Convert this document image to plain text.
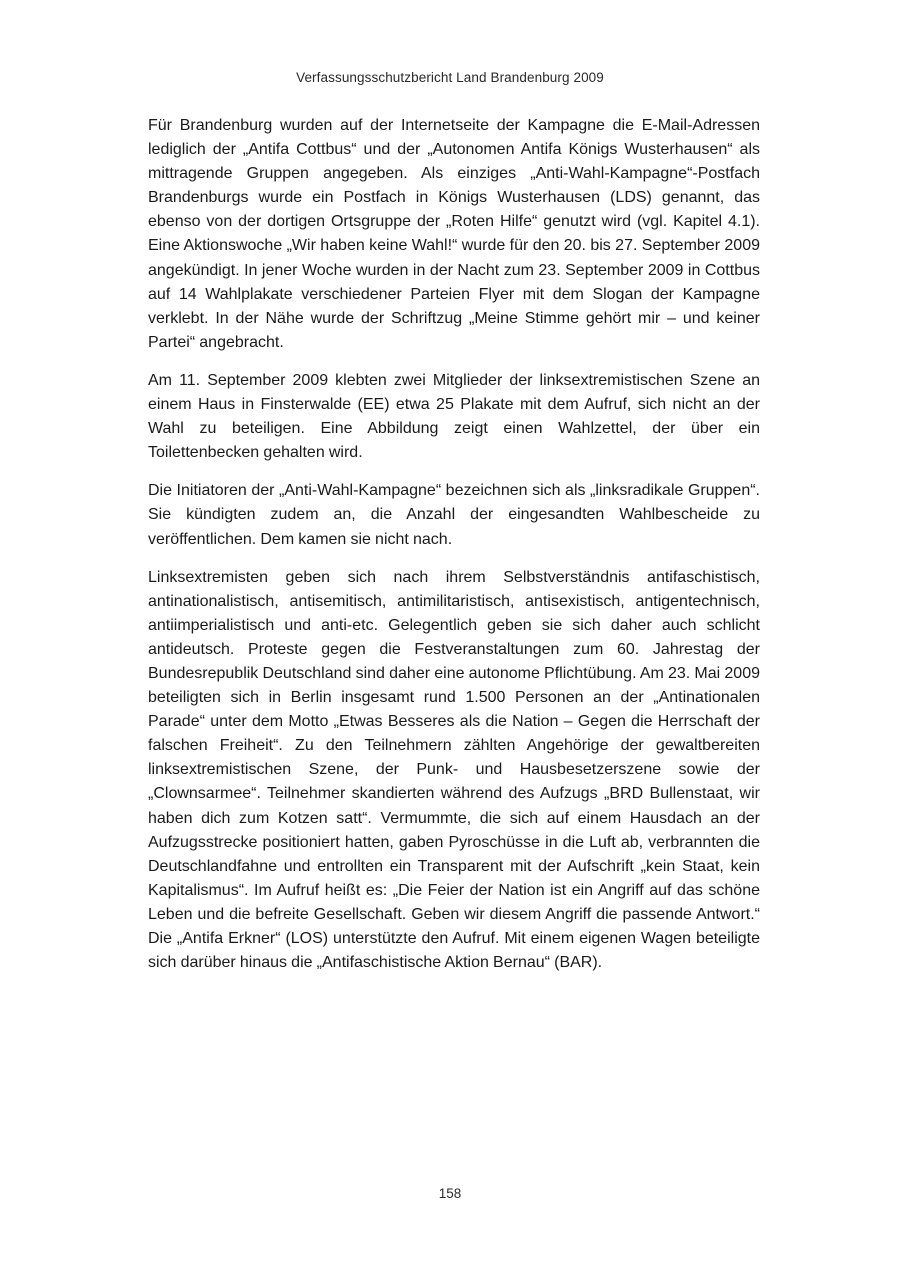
Verfassungsschutzbericht Land Brandenburg 2009

Für Brandenburg wurden auf der Internetseite der Kampagne die E-Mail-Adressen lediglich der „Antifa Cottbus“ und der „Autonomen Antifa Königs Wusterhausen“ als mittragende Gruppen angegeben. Als einziges „Anti-Wahl-Kampagne“-Postfach Brandenburgs wurde ein Postfach in Königs Wusterhausen (LDS) genannt, das ebenso von der dortigen Ortsgruppe der „Roten Hilfe“ genutzt wird (vgl. Kapitel 4.1). Eine Aktionswoche „Wir haben keine Wahl!“ wurde für den 20. bis 27. September 2009 angekündigt. In jener Woche wurden in der Nacht zum 23. September 2009 in Cottbus auf 14 Wahlplakate verschiedener Parteien Flyer mit dem Slogan der Kampagne verklebt. In der Nähe wurde der Schriftzug „Meine Stimme gehört mir – und keiner Partei“ angebracht.

Am 11. September 2009 klebten zwei Mitglieder der linksextremistischen Szene an einem Haus in Finsterwalde (EE) etwa 25 Plakate mit dem Aufruf, sich nicht an der Wahl zu beteiligen. Eine Abbildung zeigt einen Wahlzettel, der über ein Toilettenbecken gehalten wird.

Die Initiatoren der „Anti-Wahl-Kampagne“ bezeichnen sich als „linksradikale Gruppen“. Sie kündigten zudem an, die Anzahl der eingesandten Wahlbescheide zu veröffentlichen. Dem kamen sie nicht nach.

Linksextremisten geben sich nach ihrem Selbstverständnis antifaschistisch, antinationalistisch, antisemitisch, antimilitaristisch, antisexistisch, antigentechnisch, antiimperialistisch und anti-etc. Gelegentlich geben sie sich daher auch schlicht antideutsch. Proteste gegen die Festveranstaltungen zum 60. Jahrestag der Bundesrepublik Deutschland sind daher eine autonome Pflichtübung. Am 23. Mai 2009 beteiligten sich in Berlin insgesamt rund 1.500 Personen an der „Antinationalen Parade“ unter dem Motto „Etwas Besseres als die Nation – Gegen die Herrschaft der falschen Freiheit“. Zu den Teilnehmern zählten Angehörige der gewaltbereiten linksextremistischen Szene, der Punk- und Hausbesetzerszene sowie der „Clownsarmee“. Teilnehmer skandierten während des Aufzugs „BRD Bullenstaat, wir haben dich zum Kotzen satt“. Vermummte, die sich auf einem Hausdach an der Aufzugsstrecke positioniert hatten, gaben Pyroschüsse in die Luft ab, verbrannten die Deutschlandfahne und entrollten ein Transparent mit der Aufschrift „kein Staat, kein Kapitalismus“. Im Aufruf heißt es: „Die Feier der Nation ist ein Angriff auf das schöne Leben und die befreite Gesellschaft. Geben wir diesem Angriff die passende Antwort.“ Die „Antifa Erkner“ (LOS) unterstützte den Aufruf. Mit einem eigenen Wagen beteiligte sich darüber hinaus die „Antifaschistische Aktion Bernau“ (BAR).

158
